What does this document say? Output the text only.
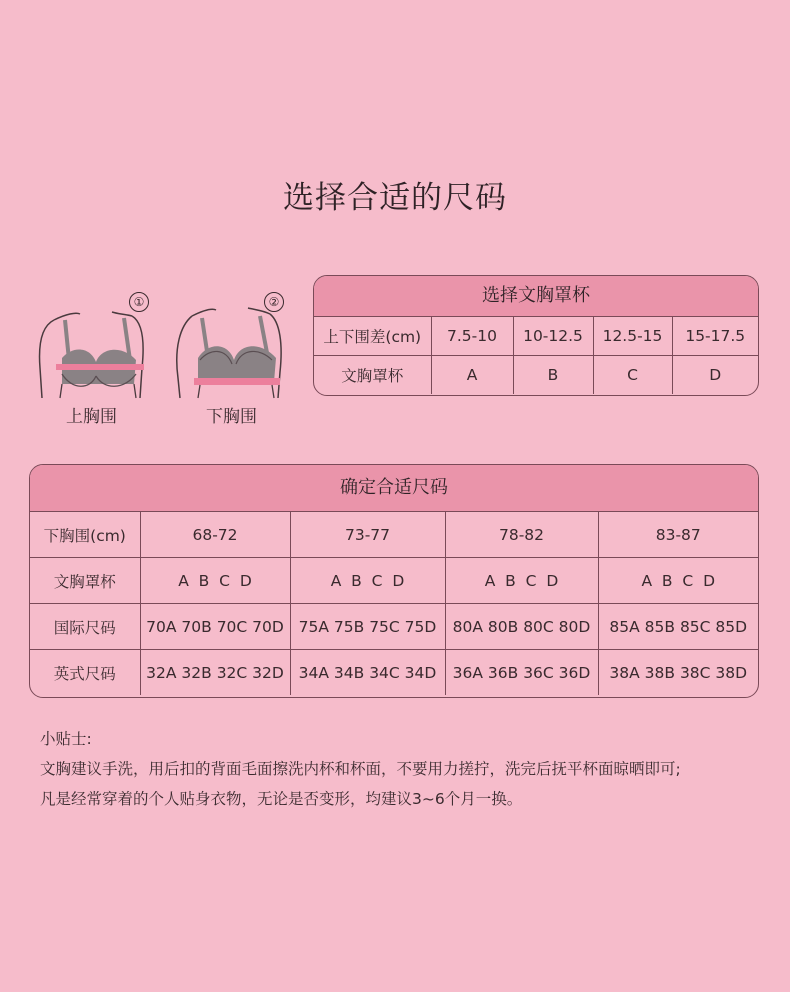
选择合适的尺码
①
上胸围
②
下胸围
选择文胸罩杯
上下围差(cm)	7.5-10	10-12.5	12.5-15	15-17.5
文胸罩杯	A	B	C	D
确定合适尺码
下胸围(cm)	68-72	73-77	78-82	83-87
文胸罩杯	A  B  C  D	A  B  C  D	A  B  C  D	A  B  C  D
国际尺码	70A 70B 70C 70D	75A 75B 75C 75D	80A 80B 80C 80D	85A 85B 85C 85D
英式尺码	32A 32B 32C 32D	34A 34B 34C 34D	36A 36B 36C 36D	38A 38B 38C 38D
小贴士:
文胸建议手洗，用后扣的背面毛面擦洗内杯和杯面，不要用力搓拧，洗完后抚平杯面晾晒即可;
凡是经常穿着的个人贴身衣物，无论是否变形，均建议3~6个月一换。
